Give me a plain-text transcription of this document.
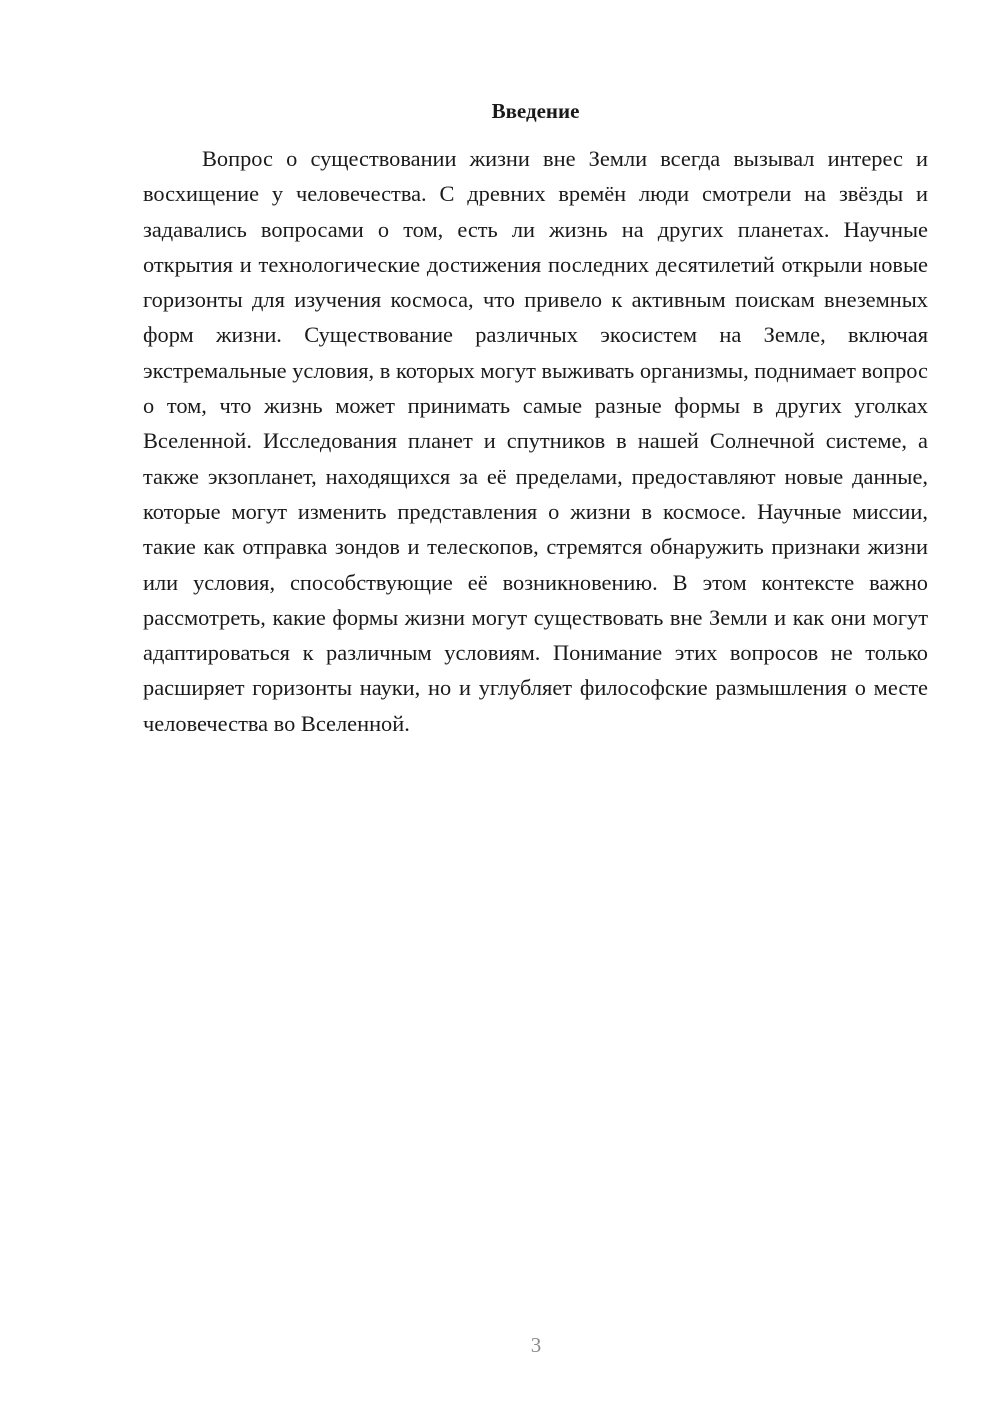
Введение

Вопрос о существовании жизни вне Земли всегда вызывал интерес и восхищение у человечества. С древних времён люди смотрели на звёзды и задавались вопросами о том, есть ли жизнь на других планетах. Научные открытия и технологические достижения последних десятилетий открыли новые горизонты для изучения космоса, что привело к активным поискам внеземных форм жизни. Существование различных экосистем на Земле, включая экстремальные условия, в которых могут выживать организмы, поднимает вопрос о том, что жизнь может принимать самые разные формы в других уголках Вселенной. Исследования планет и спутников в нашей Солнечной системе, а также экзопланет, находящихся за её пределами, предоставляют новые данные, которые могут изменить представления о жизни в космосе. Научные миссии, такие как отправка зондов и телескопов, стремятся обнаружить признаки жизни или условия, способствующие её возникновению. В этом контексте важно рассмотреть, какие формы жизни могут существовать вне Земли и как они могут адаптироваться к различным условиям. Понимание этих вопросов не только расширяет горизонты науки, но и углубляет философские размышления о месте человечества во Вселенной.

3
